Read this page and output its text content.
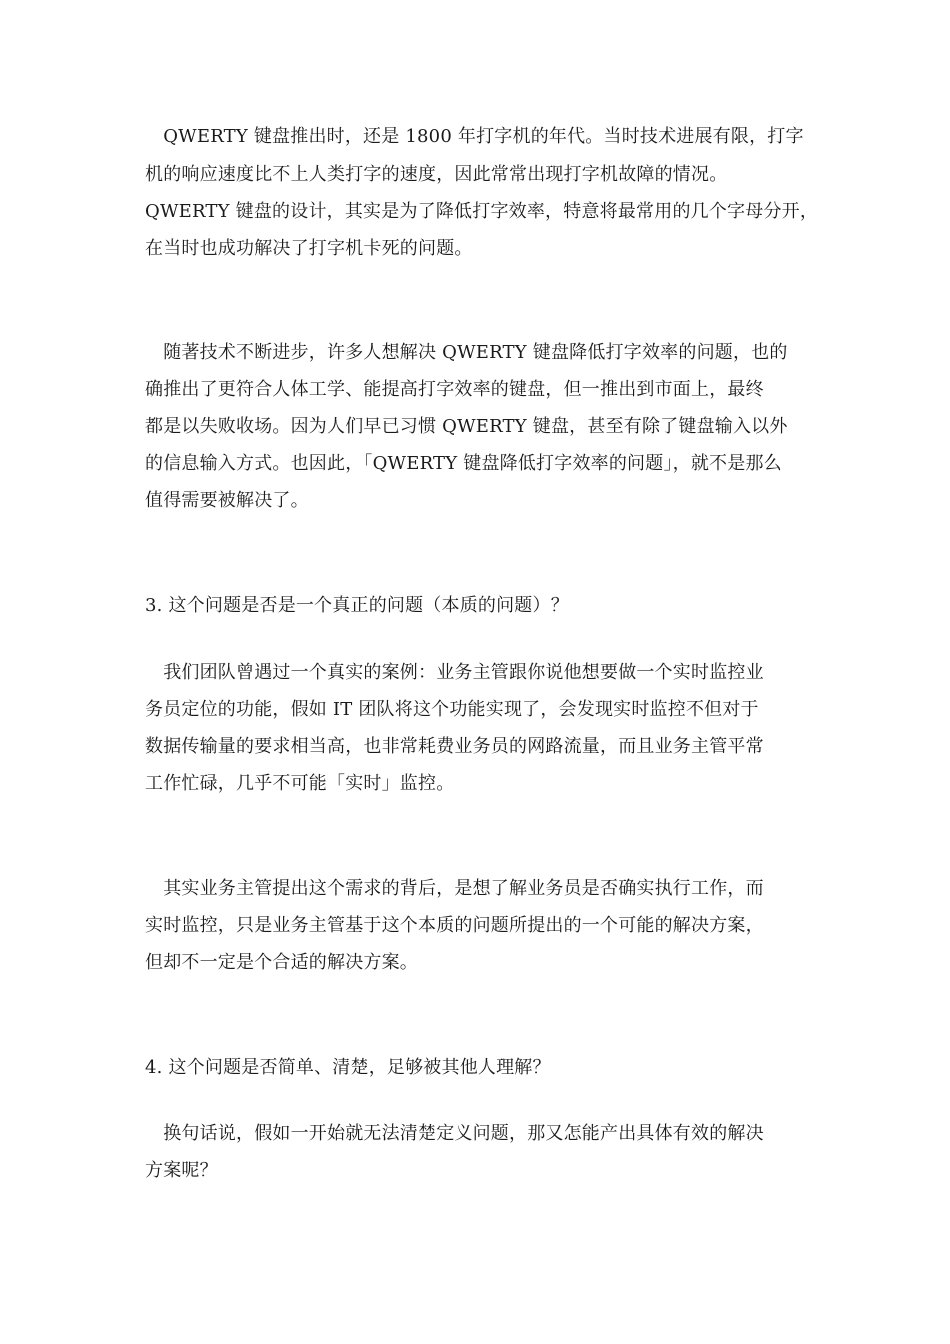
　QWERTY 键盘推出时，还是 1800 年打字机的年代。当时技术进展有限，打字
机的响应速度比不上人类打字的速度，因此常常出现打字机故障的情况。
QWERTY 键盘的设计，其实是为了降低打字效率，特意将最常用的几个字母分开，
在当时也成功解决了打字机卡死的问题。
　随著技术不断进步，许多人想解决 QWERTY 键盘降低打字效率的问题，也的
确推出了更符合人体工学、能提高打字效率的键盘，但一推出到市面上，最终
都是以失败收场。因为人们早已习惯 QWERTY 键盘，甚至有除了键盘输入以外
的信息输入方式。也因此，「QWERTY 键盘降低打字效率的问题」，就不是那么
值得需要被解决了。
3. 这个问题是否是一个真正的问题（本质的问题）？
　我们团队曾遇过一个真实的案例：业务主管跟你说他想要做一个实时监控业
务员定位的功能，假如 IT 团队将这个功能实现了，会发现实时监控不但对于
数据传输量的要求相当高，也非常耗费业务员的网路流量，而且业务主管平常
工作忙碌，几乎不可能「实时」监控。
　其实业务主管提出这个需求的背后，是想了解业务员是否确实执行工作，而
实时监控，只是业务主管基于这个本质的问题所提出的一个可能的解决方案，
但却不一定是个合适的解决方案。
4. 这个问题是否简单、清楚，足够被其他人理解？
　换句话说，假如一开始就无法清楚定义问题，那又怎能产出具体有效的解决
方案呢？
